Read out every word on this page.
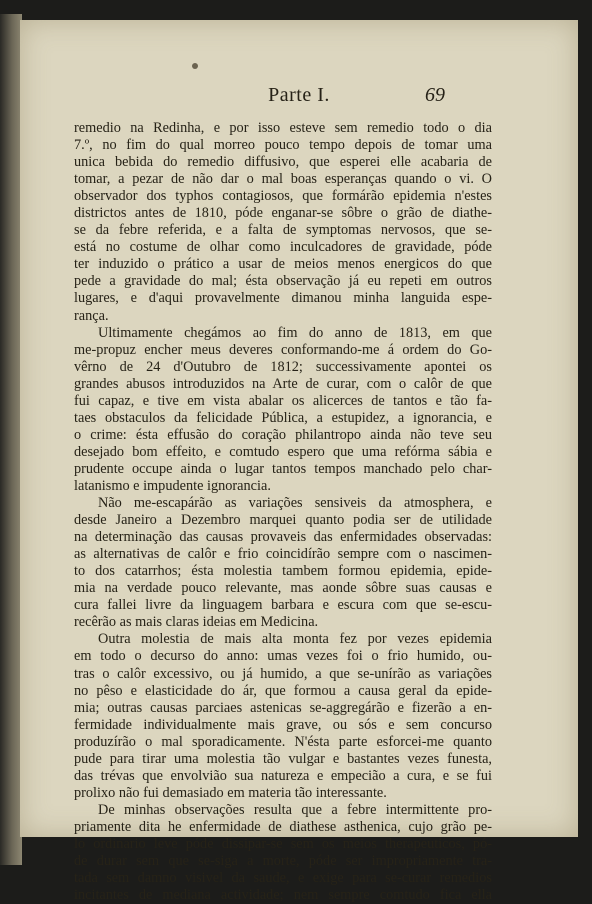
Parte I.	69
remedio na Redinha, e por isso esteve sem remedio todo o dia
7.º, no fim do qual morreo pouco tempo depois de tomar uma
unica bebida do remedio diffusivo, que esperei elle acabaria de
tomar, a pezar de não dar o mal boas esperanças quando o vi. O
observador dos typhos contagiosos, que formárão epidemia n'estes
districtos antes de 1810, póde enganar-se sôbre o grão de diathe-
se da febre referida, e a falta de symptomas nervosos, que se-
está no costume de olhar como inculcadores de gravidade, póde
ter induzido o prático a usar de meios menos energicos do que
pede a gravidade do mal; ésta observação já eu repeti em outros
lugares, e d'aqui provavelmente dimanou minha languida espe-
rança.
Ultimamente chegámos ao fim do anno de 1813, em que
me-propuz encher meus deveres conformando-me á ordem do Go-
vêrno de 24 d'Outubro de 1812; successivamente apontei os
grandes abusos introduzidos na Arte de curar, com o calôr de que
fui capaz, e tive em vista abalar os alicerces de tantos e tão fa-
taes obstaculos da felicidade Pública, a estupidez, a ignorancia, e
o crime: ésta effusão do coração philantropo ainda não teve seu
desejado bom effeito, e comtudo espero que uma refórma sábia e
prudente occupe ainda o lugar tantos tempos manchado pelo char-
latanismo e impudente ignorancia.
Não me-escapárão as variações sensiveis da atmosphera, e
desde Janeiro a Dezembro marquei quanto podia ser de utilidade
na determinação das causas provaveis das enfermidades observadas:
as alternativas de calôr e frio coincidírão sempre com o nascimen-
to dos catarrhos; ésta molestia tambem formou epidemia, epide-
mia na verdade pouco relevante, mas aonde sôbre suas causas e
cura fallei livre da linguagem barbara e escura com que se-escu-
recêrão as mais claras ideias em Medicina.
Outra molestia de mais alta monta fez por vezes epidemia
em todo o decurso do anno: umas vezes foi o frio humido, ou-
tras o calôr excessivo, ou já humido, a que se-unírão as variações
no pêso e elasticidade do ár, que formou a causa geral da epide-
mia; outras causas parciaes astenicas se-aggregárão e fizerão a en-
fermidade individualmente mais grave, ou sós e sem concurso
produzírão o mal sporadicamente. N'ésta parte esforcei-me quanto
pude para tirar uma molestia tão vulgar e bastantes vezes funesta,
das trévas que envolvião sua natureza e empecião a cura, e se fui
prolixo não fui demasiado em materia tão interessante.
De minhas observações resulta que a febre intermittente pro-
priamente dita he enfermidade de diathese asthenica, cujo grão pe-
lo ordinario leve póde dissipar-se sem os meios therapeuticos, pó-
de durar sem que se-siga a morte, póde ser impropriamente tra-
tada sem damno visivel da saude, e exige para se-curar remedios
incitantes de mediana actividade; nem sempre comtudo fica ella
